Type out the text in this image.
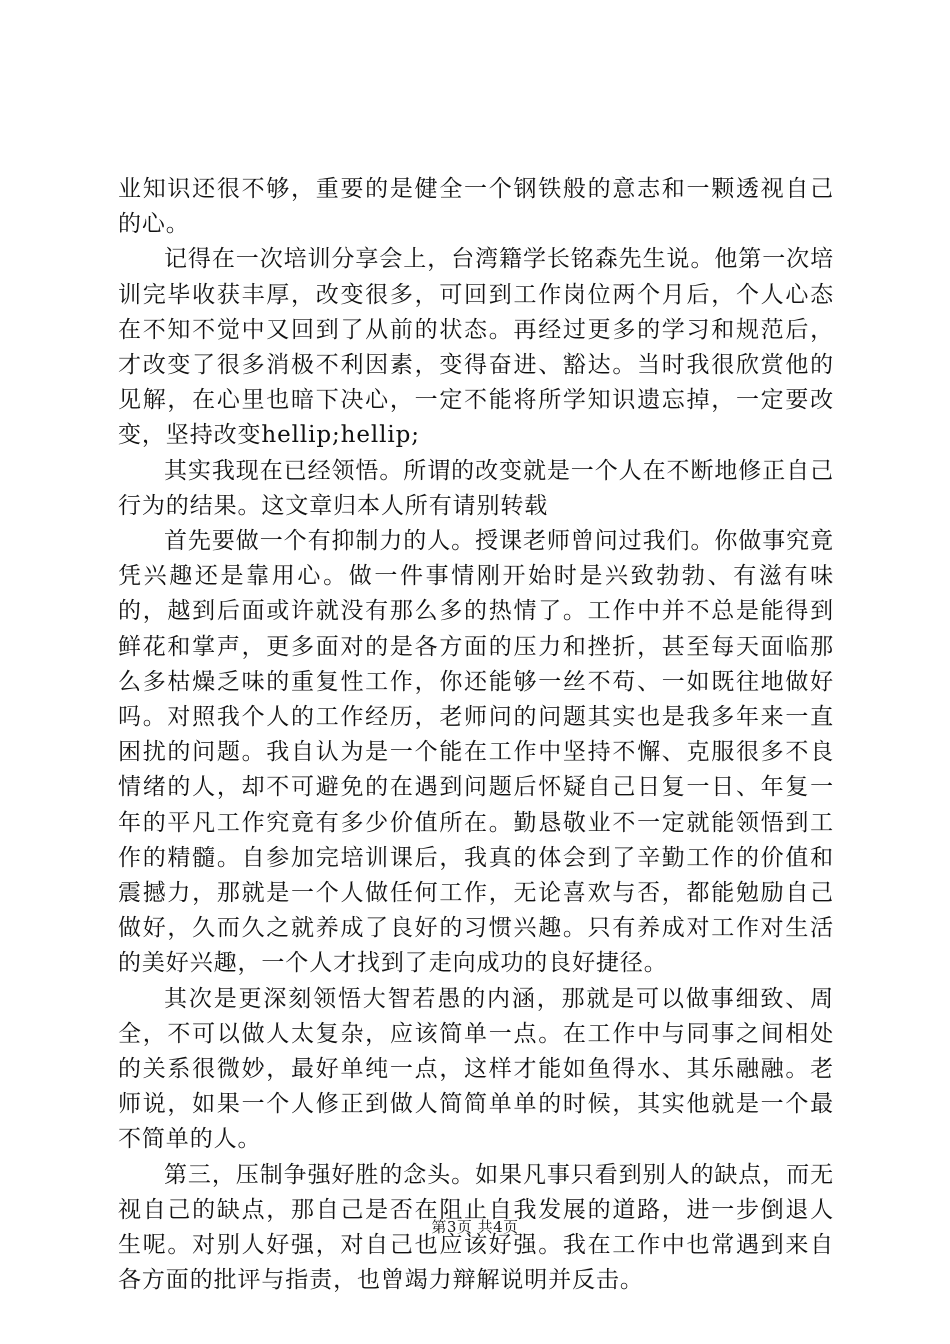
业知识还很不够，重要的是健全一个钢铁般的意志和一颗透视自己的心。

记得在一次培训分享会上，台湾籍学长铭森先生说。他第一次培训完毕收获丰厚，改变很多，可回到工作岗位两个月后，个人心态在不知不觉中又回到了从前的状态。再经过更多的学习和规范后，才改变了很多消极不利因素，变得奋进、豁达。当时我很欣赏他的见解，在心里也暗下决心，一定不能将所学知识遗忘掉，一定要改变，坚持改变hellip;hellip;

其实我现在已经领悟。所谓的改变就是一个人在不断地修正自己行为的结果。这文章归本人所有请别转载

首先要做一个有抑制力的人。授课老师曾问过我们。你做事究竟凭兴趣还是靠用心。做一件事情刚开始时是兴致勃勃、有滋有味的，越到后面或许就没有那么多的热情了。工作中并不总是能得到鲜花和掌声，更多面对的是各方面的压力和挫折，甚至每天面临那么多枯燥乏味的重复性工作，你还能够一丝不苟、一如既往地做好吗。对照我个人的工作经历，老师问的问题其实也是我多年来一直困扰的问题。我自认为是一个能在工作中坚持不懈、克服很多不良情绪的人，却不可避免的在遇到问题后怀疑自己日复一日、年复一年的平凡工作究竟有多少价值所在。勤恳敬业不一定就能领悟到工作的精髓。自参加完培训课后，我真的体会到了辛勤工作的价值和震撼力，那就是一个人做任何工作，无论喜欢与否，都能勉励自己做好，久而久之就养成了良好的习惯兴趣。只有养成对工作对生活的美好兴趣，一个人才找到了走向成功的良好捷径。

其次是更深刻领悟大智若愚的内涵，那就是可以做事细致、周全，不可以做人太复杂，应该简单一点。在工作中与同事之间相处的关系很微妙，最好单纯一点，这样才能如鱼得水、其乐融融。老师说，如果一个人修正到做人简简单单的时候，其实他就是一个最不简单的人。

第三，压制争强好胜的念头。如果凡事只看到别人的缺点，而无视自己的缺点，那自己是否在阻止自我发展的道路，进一步倒退人生呢。对别人好强，对自己也应该好强。我在工作中也常遇到来自各方面的批评与指责，也曾竭力辩解说明并反击。

第3页 共4页
